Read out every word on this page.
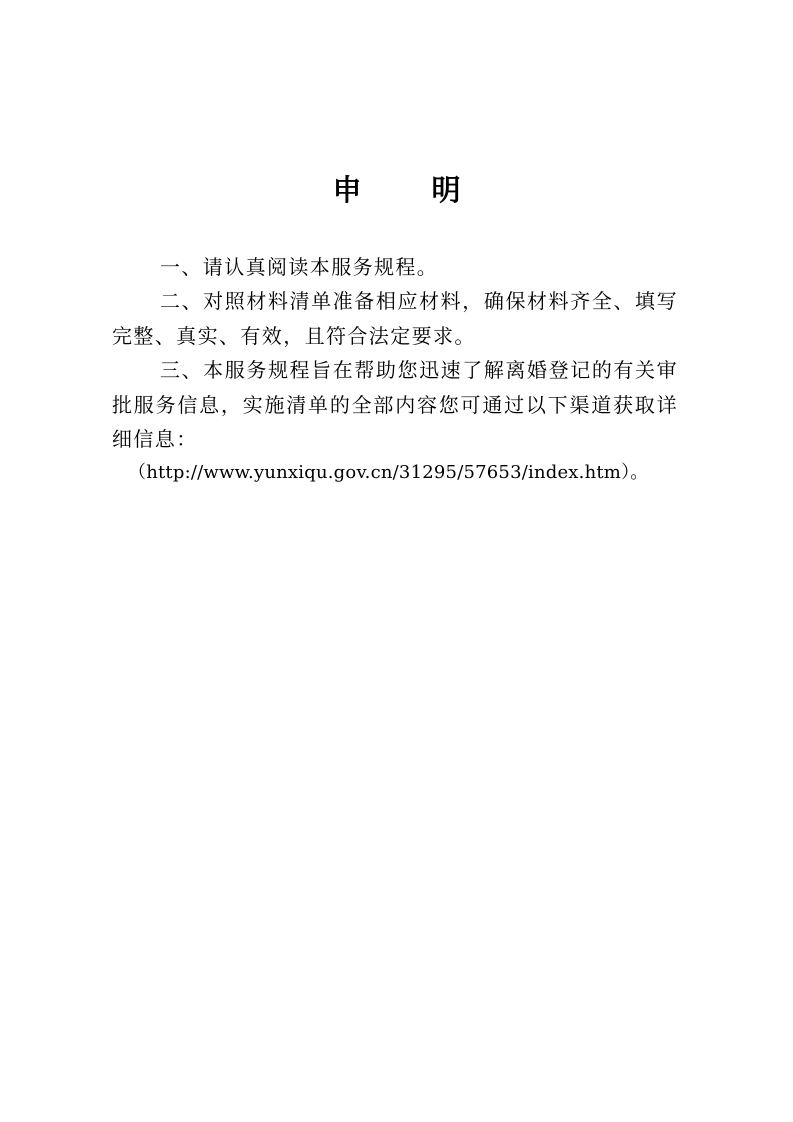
申 明

一、请认真阅读本服务规程。

二、对照材料清单准备相应材料，确保材料齐全、填写完整、真实、有效，且符合法定要求。

三、本服务规程旨在帮助您迅速了解离婚登记的有关审批服务信息，实施清单的全部内容您可通过以下渠道获取详细信息：

（http://www.yunxiqu.gov.cn/31295/57653/index.htm）。
